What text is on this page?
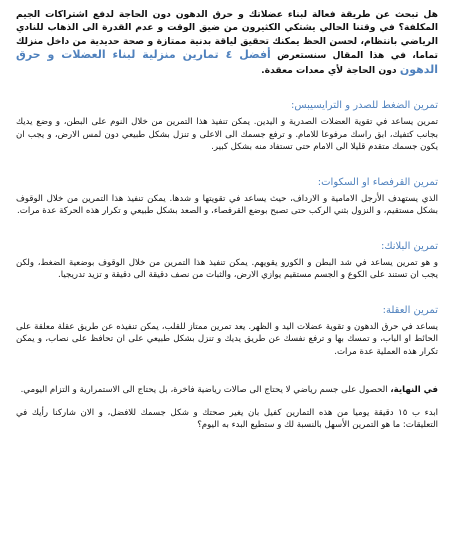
هل تبحث عن طريقة فعالة لبناء عضلاتك و حرق الدهون دون الحاجة لدفع اشتراكات الجيم المكلفة؟ في وقتنا الحالي يشتكي الكثيرون من ضيق الوقت و عدم القدرة الى الذهاب للنادي الرياضي بانتظام، لحسن الحظ يمكنك تحقيق لياقة بدنية ممتازة و صحة حديدية من داخل منزلك تماما، في هذا المقال سنستعرض أفضل ٤ تمارين منزلية لبناء العضلات و حرق الدهون دون الحاجة لأي معدات معقدة.

تمرين الضغط للصدر و الترايسيبس:

تمرين يساعد في تقوية العضلات الصدرية و اليدين. يمكن تنفيذ هذا التمرين من خلال النوم على البطن، و وضع يديك بجانب كتفيك، ابق راسك مرفوعا للامام. و ترفع جسمك الى الاعلى و تنزل بشكل طبيعي دون لمس الارض، و يجب ان يكون جسمك متقدم قليلا الى الامام حتى تستفاد منه بشكل كبير.

تمرين القرفصاء او السكوات:

الذي يستهدف الأرجل الامامية و الارداف، حيث يساعد في تقويتها و شدها. يمكن تنفيذ هذا التمرين من خلال الوقوف بشكل مستقيم، و النزول بثني الركب حتى تصبح بوضع القرفصاء، و الصعد بشكل طبيعي و تكرار هذه الحركة عدة مرات.

تمرين البلانك:

و هو تمرين يساعد في شد البطن و الكورو يقويهم. يمكن تنفيذ هذا التمرين من خلال الوقوف بوضعية الضغط، ولكن يجب ان تستند على الكوع و الجسم مستقيم يوازي الارض، والثبات من نصف دقيقة الى دقيقة و تزيد تدريجيا.

تمرين العقلة:

يساعد في حرق الدهون و تقوية عضلات اليد و الظهر. يعد تمرين ممتاز للقلب، يمكن تنفيذه عن طريق عقلة معلقة على الحائط او الباب، و تمسك بها و ترفع نفسك عن طريق يديك و تنزل بشكل طبيعي على ان تحافظ على نصاب، و يمكن تكرار هذه العملية عدة مرات.

في النهاية، الحصول على جسم رياضي لا يحتاج الى صالات رياضية فاخرة، بل يحتاج الى الاستمرارية و التزام اليومي.

ابدء ب ١٥ دقيقة يوميا من هذه التمارين كفيل بان يغير صحتك و شكل جسمك للافضل، و الان شاركنا رأيك في التعليقات: ما هو التمرين الأسهل بالنسبة لك و ستطيع البدء به اليوم؟
